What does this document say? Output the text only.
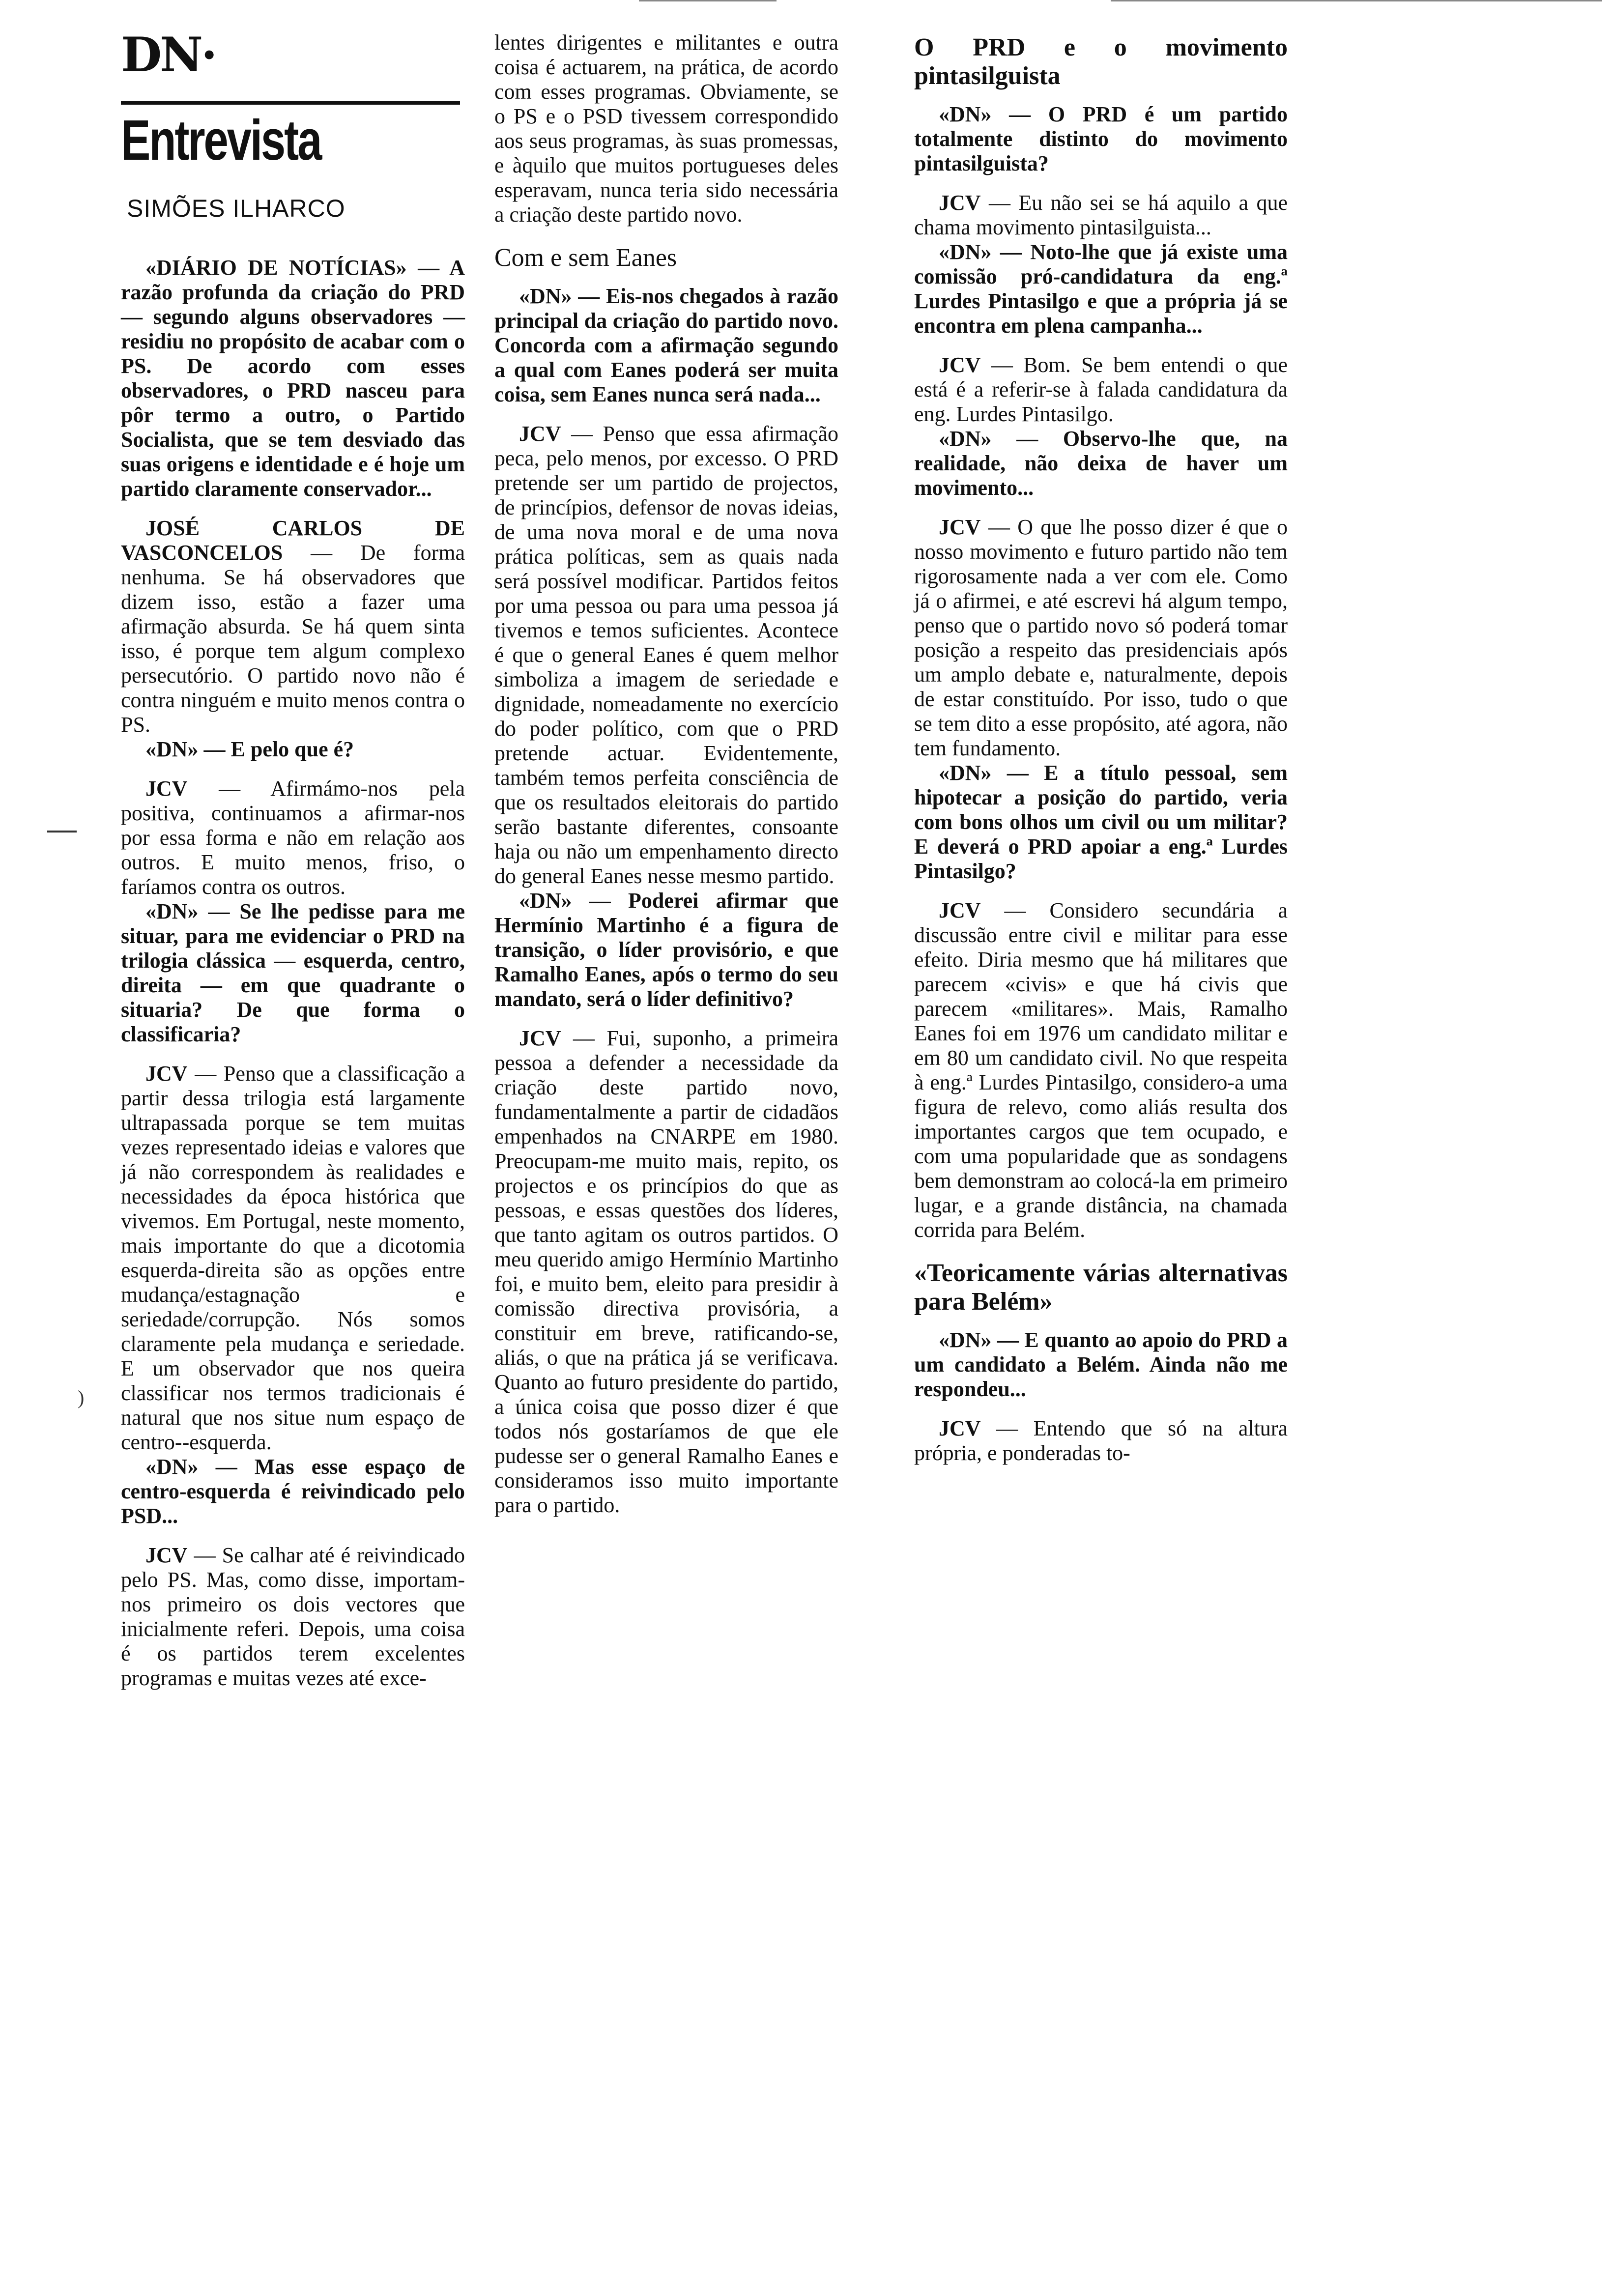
)
DN·
Entrevista
SIMÕES ILHARCO

«DIÁRIO DE NOTÍCIAS» — A razão profunda da criação do PRD — segundo alguns observadores — residiu no propósito de acabar com o PS. De acordo com esses observadores, o PRD nasceu para pôr termo a outro, o Partido Socialista, que se tem desviado das suas origens e identidade e é hoje um partido claramente conservador...

JOSÉ CARLOS DE VASCONCELOS — De forma nenhuma. Se há observadores que dizem isso, estão a fazer uma afirmação absurda. Se há quem sinta isso, é porque tem algum complexo persecutório. O partido novo não é contra ninguém e muito menos contra o PS.

«DN» — E pelo que é?

JCV — Afirmámo-nos pela positiva, continuamos a afirmar-nos por essa forma e não em relação aos outros. E muito menos, friso, o faríamos contra os outros.

«DN» — Se lhe pedisse para me situar, para me evidenciar o PRD na trilogia clássica — esquerda, centro, direita — em que quadrante o situaria? De que forma o classificaria?

JCV — Penso que a classificação a partir dessa trilogia está largamente ultrapassada porque se tem muitas vezes representado ideias e valores que já não correspondem às realidades e necessidades da época histórica que vivemos. Em Portugal, neste momento, mais importante do que a dicotomia esquerda-direita são as opções entre mudança/estagnação e seriedade/corrupção. Nós somos claramente pela mudança e seriedade. E um observador que nos queira classificar nos termos tradicionais é natural que nos situe num espaço de centro--esquerda.

«DN» — Mas esse espaço de centro-esquerda é reivindicado pelo PSD...

JCV — Se calhar até é reivindicado pelo PS. Mas, como disse, importam-nos primeiro os dois vectores que inicialmente referi. Depois, uma coisa é os partidos terem excelentes programas e muitas vezes até exce-

lentes dirigentes e militantes e outra coisa é actuarem, na prática, de acordo com esses programas. Obviamente, se o PS e o PSD tivessem correspondido aos seus programas, às suas promessas, e àquilo que muitos portugueses deles esperavam, nunca teria sido necessária a criação deste partido novo.

Com e sem Eanes

«DN» — Eis-nos chegados à razão principal da criação do partido novo. Concorda com a afirmação segundo a qual com Eanes poderá ser muita coisa, sem Eanes nunca será nada...

JCV — Penso que essa afirmação peca, pelo menos, por excesso. O PRD pretende ser um partido de projectos, de princípios, defensor de novas ideias, de uma nova moral e de uma nova prática políticas, sem as quais nada será possível modificar. Partidos feitos por uma pessoa ou para uma pessoa já tivemos e temos suficientes. Acontece é que o general Eanes é quem melhor simboliza a imagem de seriedade e dignidade, nomeadamente no exercício do poder político, com que o PRD pretende actuar. Evidentemente, também temos perfeita consciência de que os resultados eleitorais do partido serão bastante diferentes, consoante haja ou não um empenhamento directo do general Eanes nesse mesmo partido.

«DN» — Poderei afirmar que Hermínio Martinho é a figura de transição, o líder provisório, e que Ramalho Eanes, após o termo do seu mandato, será o líder definitivo?

JCV — Fui, suponho, a primeira pessoa a defender a necessidade da criação deste partido novo, fundamentalmente a partir de cidadãos empenhados na CNARPE em 1980. Preocupam-me muito mais, repito, os projectos e os princípios do que as pessoas, e essas questões dos líderes, que tanto agitam os outros partidos. O meu querido amigo Hermínio Martinho foi, e muito bem, eleito para presidir à comissão directiva provisória, a constituir em breve, ratificando-se, aliás, o que na prática já se verificava. Quanto ao futuro presidente do partido, a única coisa que posso dizer é que todos nós gostaríamos de que ele pudesse ser o general Ramalho Eanes e consideramos isso muito importante para o partido.

O PRD e o movimento pintasilguista

«DN» — O PRD é um partido totalmente distinto do movimento pintasilguista?

JCV — Eu não sei se há aquilo a que chama movimento pintasilguista...

«DN» — Noto-lhe que já existe uma comissão pró-candidatura da eng.ª Lurdes Pintasilgo e que a própria já se encontra em plena campanha...

JCV — Bom. Se bem entendi o que está é a referir-se à falada candidatura da eng. Lurdes Pintasilgo.

«DN» — Observo-lhe que, na realidade, não deixa de haver um movimento...

JCV — O que lhe posso dizer é que o nosso movimento e futuro partido não tem rigorosamente nada a ver com ele. Como já o afirmei, e até escrevi há algum tempo, penso que o partido novo só poderá tomar posição a respeito das presidenciais após um amplo debate e, naturalmente, depois de estar constituído. Por isso, tudo o que se tem dito a esse propósito, até agora, não tem fundamento.

«DN» — E a título pessoal, sem hipotecar a posição do partido, veria com bons olhos um civil ou um militar? E deverá o PRD apoiar a eng.ª Lurdes Pintasilgo?

JCV — Considero secundária a discussão entre civil e militar para esse efeito. Diria mesmo que há militares que parecem «civis» e que há civis que parecem «militares». Mais, Ramalho Eanes foi em 1976 um candidato militar e em 80 um candidato civil. No que respeita à eng.ª Lurdes Pintasilgo, considero-a uma figura de relevo, como aliás resulta dos importantes cargos que tem ocupado, e com uma popularidade que as sondagens bem demonstram ao colocá-la em primeiro lugar, e a grande distância, na chamada corrida para Belém.

«Teoricamente várias alternativas para Belém»

«DN» — E quanto ao apoio do PRD a um candidato a Belém. Ainda não me respondeu...

JCV — Entendo que só na altura própria, e ponderadas to-
